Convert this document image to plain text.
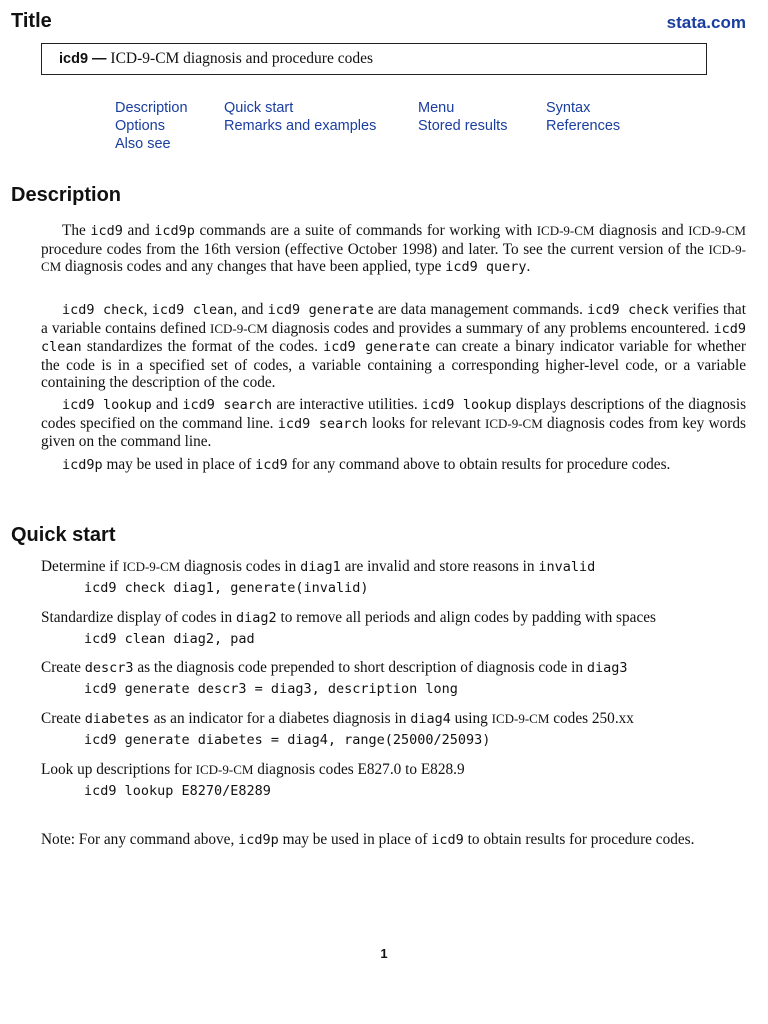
Title	stata.com
icd9 — ICD-9-CM diagnosis and procedure codes
Description	Quick start	Menu	Syntax
Options	Remarks and examples	Stored results	References
Also see
Description

The icd9 and icd9p commands are a suite of commands for working with ICD-9-CM diagnosis and ICD-9-CM procedure codes from the 16th version (effective October 1998) and later. To see the current version of the ICD-9-CM diagnosis codes and any changes that have been applied, type icd9 query.

icd9 check, icd9 clean, and icd9 generate are data management commands. icd9 check verifies that a variable contains defined ICD-9-CM diagnosis codes and provides a summary of any problems encountered. icd9 clean standardizes the format of the codes. icd9 generate can create a binary indicator variable for whether the code is in a specified set of codes, a variable containing a corresponding higher-level code, or a variable containing the description of the code.

icd9 lookup and icd9 search are interactive utilities. icd9 lookup displays descriptions of the diagnosis codes specified on the command line. icd9 search looks for relevant ICD-9-CM diagnosis codes from key words given on the command line.

icd9p may be used in place of icd9 for any command above to obtain results for procedure codes.

Quick start
Determine if ICD-9-CM diagnosis codes in diag1 are invalid and store reasons in invalid
icd9 check diag1, generate(invalid)
Standardize display of codes in diag2 to remove all periods and align codes by padding with spaces
icd9 clean diag2, pad
Create descr3 as the diagnosis code prepended to short description of diagnosis code in diag3
icd9 generate descr3 = diag3, description long
Create diabetes as an indicator for a diabetes diagnosis in diag4 using ICD-9-CM codes 250.xx
icd9 generate diabetes = diag4, range(25000/25093)
Look up descriptions for ICD-9-CM diagnosis codes E827.0 to E828.9
icd9 lookup E8270/E8289

Note: For any command above, icd9p may be used in place of icd9 to obtain results for procedure codes.

1
